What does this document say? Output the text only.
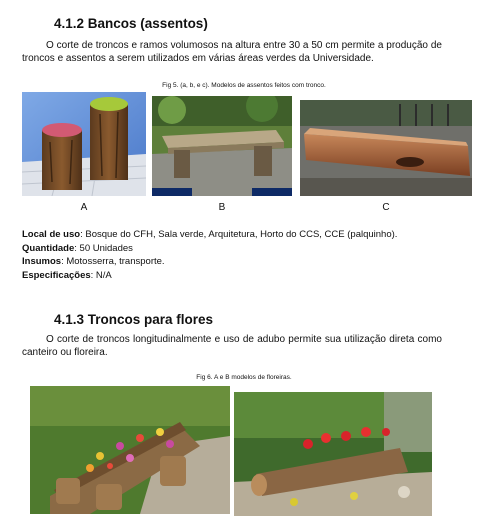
4.1.2 Bancos (assentos)
O corte de troncos e ramos volumosos na altura entre 30 a 50 cm permite a produção de troncos e assentos a serem utilizados em várias áreas verdes da Universidade.
Fig 5. (a, b, e c). Modelos de assentos feitos com tronco.
A	B	C
Local de uso: Bosque do CFH, Sala verde, Arquitetura, Horto do CCS, CCE (palquinho).
Quantidade: 50 Unidades
Insumos: Motosserra, transporte.
Especificações: N/A
4.1.3 Troncos para flores
O corte de troncos longitudinalmente e uso de adubo permite sua utilização direta como canteiro ou floreira.
Fig 6. A e B modelos de floreiras.
